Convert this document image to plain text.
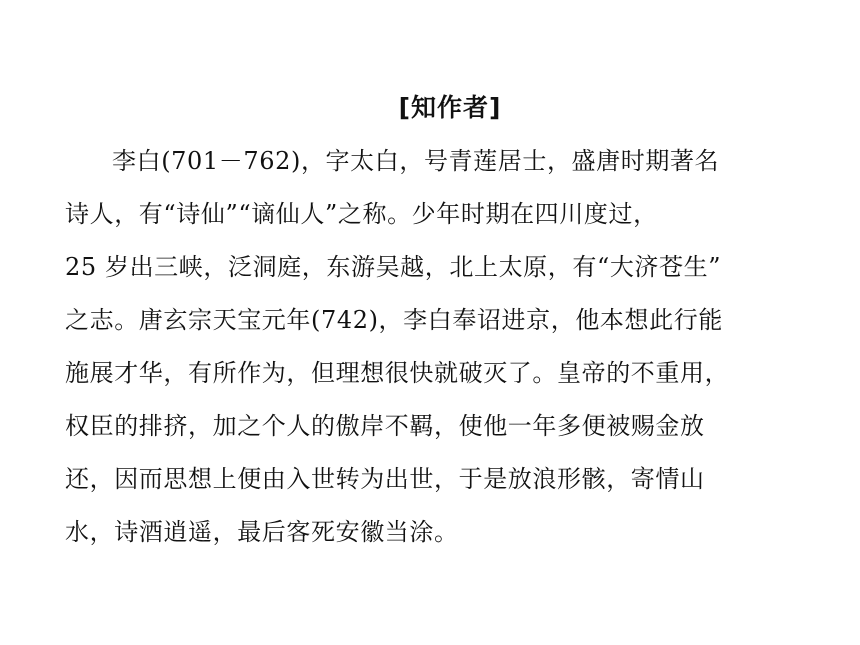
[知作者]
李白(701－762)，字太白，号青莲居士，盛唐时期著名
诗人，有“诗仙”“谪仙人”之称。少年时期在四川度过，
25 岁出三峡，泛洞庭，东游吴越，北上太原，有“大济苍生”
之志。唐玄宗天宝元年(742)，李白奉诏进京，他本想此行能
施展才华，有所作为，但理想很快就破灭了。皇帝的不重用，
权臣的排挤，加之个人的傲岸不羁，使他一年多便被赐金放
还，因而思想上便由入世转为出世，于是放浪形骸，寄情山
水，诗酒逍遥，最后客死安徽当涂。
